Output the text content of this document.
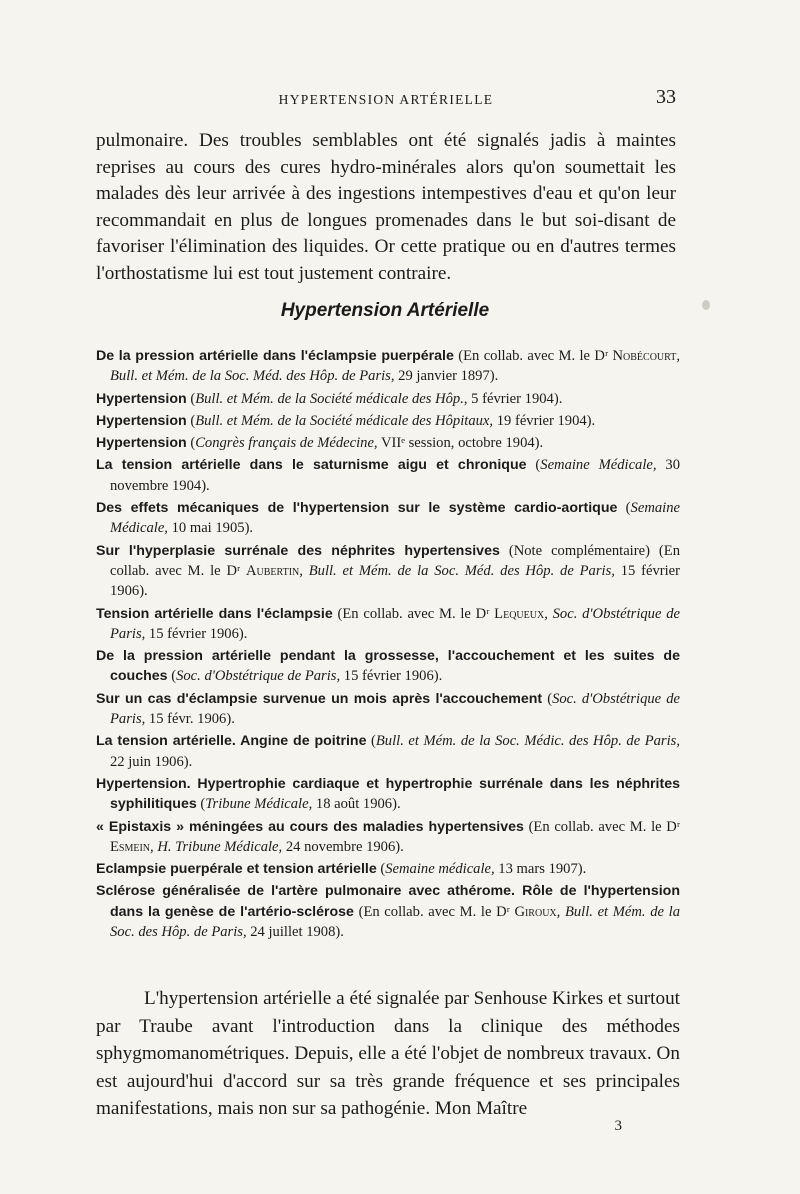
HYPERTENSION ARTÉRIELLE	33

pulmonaire. Des troubles semblables ont été signalés jadis à maintes reprises au cours des cures hydro-minérales alors qu'on soumettait les malades dès leur arrivée à des ingestions intempestives d'eau et qu'on leur recommandait en plus de longues promenades dans le but soi-disant de favoriser l'élimination des liquides. Or cette pratique ou en d'autres termes l'orthostatisme lui est tout justement contraire.

Hypertension Artérielle
De la pression artérielle dans l'éclampsie puerpérale (En collab. avec M. le Dʳ Nobécourt, Bull. et Mém. de la Soc. Méd. des Hôp. de Paris, 29 janvier 1897).
Hypertension (Bull. et Mém. de la Société médicale des Hôp., 5 février 1904).
Hypertension (Bull. et Mém. de la Société médicale des Hôpitaux, 19 février 1904).
Hypertension (Congrès français de Médecine, VIIᵉ session, octobre 1904).
La tension artérielle dans le saturnisme aigu et chronique (Semaine Médicale, 30 novembre 1904).
Des effets mécaniques de l'hypertension sur le système cardio-aortique (Semaine Médicale, 10 mai 1905).
Sur l'hyperplasie surrénale des néphrites hypertensives (Note complémentaire) (En collab. avec M. le Dʳ Aubertin, Bull. et Mém. de la Soc. Méd. des Hôp. de Paris, 15 février 1906).
Tension artérielle dans l'éclampsie (En collab. avec M. le Dʳ Lequeux, Soc. d'Obstétrique de Paris, 15 février 1906).
De la pression artérielle pendant la grossesse, l'accouchement et les suites de couches (Soc. d'Obstétrique de Paris, 15 février 1906).
Sur un cas d'éclampsie survenue un mois après l'accouchement (Soc. d'Obstétrique de Paris, 15 févr. 1906).
La tension artérielle. Angine de poitrine (Bull. et Mém. de la Soc. Médic. des Hôp. de Paris, 22 juin 1906).
Hypertension. Hypertrophie cardiaque et hypertrophie surrénale dans les néphrites syphilitiques (Tribune Médicale, 18 août 1906).
« Epistaxis » méningées au cours des maladies hypertensives (En collab. avec M. le Dʳ Esmein, H. Tribune Médicale, 24 novembre 1906).
Eclampsie puerpérale et tension artérielle (Semaine médicale, 13 mars 1907).
Sclérose généralisée de l'artère pulmonaire avec athérome. Rôle de l'hypertension dans la genèse de l'artério-sclérose (En collab. avec M. le Dʳ Giroux, Bull. et Mém. de la Soc. des Hôp. de Paris, 24 juillet 1908).

L'hypertension artérielle a été signalée par Senhouse Kirkes et surtout par Traube avant l'introduction dans la clinique des méthodes sphygmomanométriques. Depuis, elle a été l'objet de nombreux travaux. On est aujourd'hui d'accord sur sa très grande fréquence et ses principales manifestations, mais non sur sa pathogénie. Mon Maître

3
